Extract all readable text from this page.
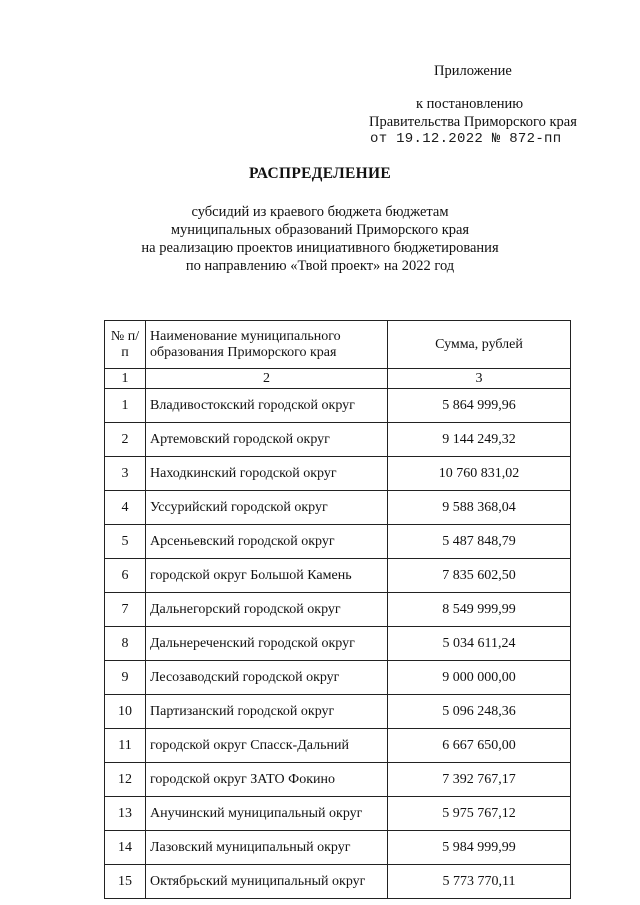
Приложение
к постановлению
Правительства Приморского края
от 19.12.2022 № 872-пп
РАСПРЕДЕЛЕНИЕ
субсидий из краевого бюджета бюджетам
муниципальных образований Приморского края
на реализацию проектов инициативного бюджетирования
по направлению «Твой проект» на 2022 год
№ п/п	Наименование муниципального образования Приморского края	Сумма, рублей
1	2	3
1	Владивостокский городской округ	5 864 999,96
2	Артемовский городской округ	9 144 249,32
3	Находкинский городской округ	10 760 831,02
4	Уссурийский городской округ	9 588 368,04
5	Арсеньевский городской округ	5 487 848,79
6	городской округ Большой Камень	7 835 602,50
7	Дальнегорский городской округ	8 549 999,99
8	Дальнереченский городской округ	5 034 611,24
9	Лесозаводский городской округ	9 000 000,00
10	Партизанский городской округ	5 096 248,36
11	городской округ Спасск-Дальний	6 667 650,00
12	городской округ ЗАТО Фокино	7 392 767,17
13	Анучинский муниципальный округ	5 975 767,12
14	Лазовский муниципальный округ	5 984 999,99
15	Октябрьский муниципальный округ	5 773 770,11
